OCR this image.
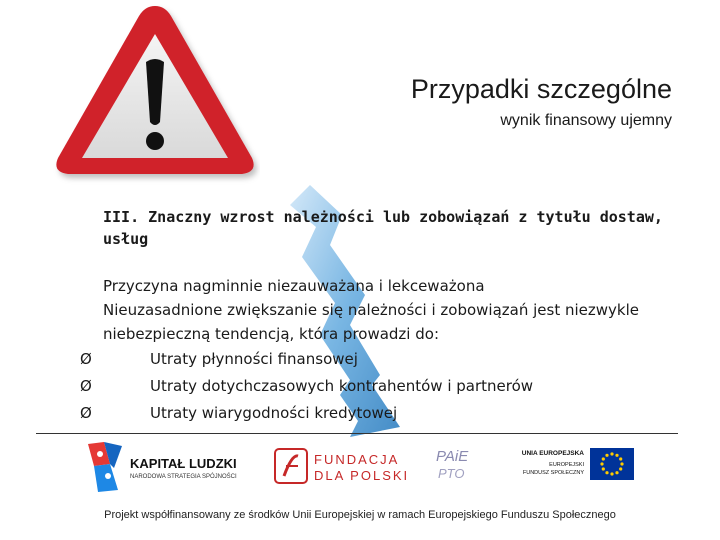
Przypadki szczególne
wynik finansowy ujemny
III. Znaczny wzrost należności lub zobowiązań z tytułu dostaw, usług

Przyczyna nagminnie niezauważana i lekceważona

Nieuzasadnione zwiększanie się należności i zobowiązań jest niezwykle niebezpieczną tendencją, która prowadzi do:

Ø	Utraty płynności finansowej
Ø	Utraty dotychczasowych kontrahentów i partnerów
Ø	Utraty wiarygodności kredytowej
KAPITAŁ LUDZKI
NARODOWA STRATEGIA SPÓJNOŚCI
FUNDACJA
DLA POLSKI
PAiE
PTO
UNIA EUROPEJSKA
EUROPEJSKI
FUNDUSZ SPOŁECZNY
Projekt współfinansowany ze środków Unii Europejskiej w ramach Europejskiego Funduszu Społecznego
